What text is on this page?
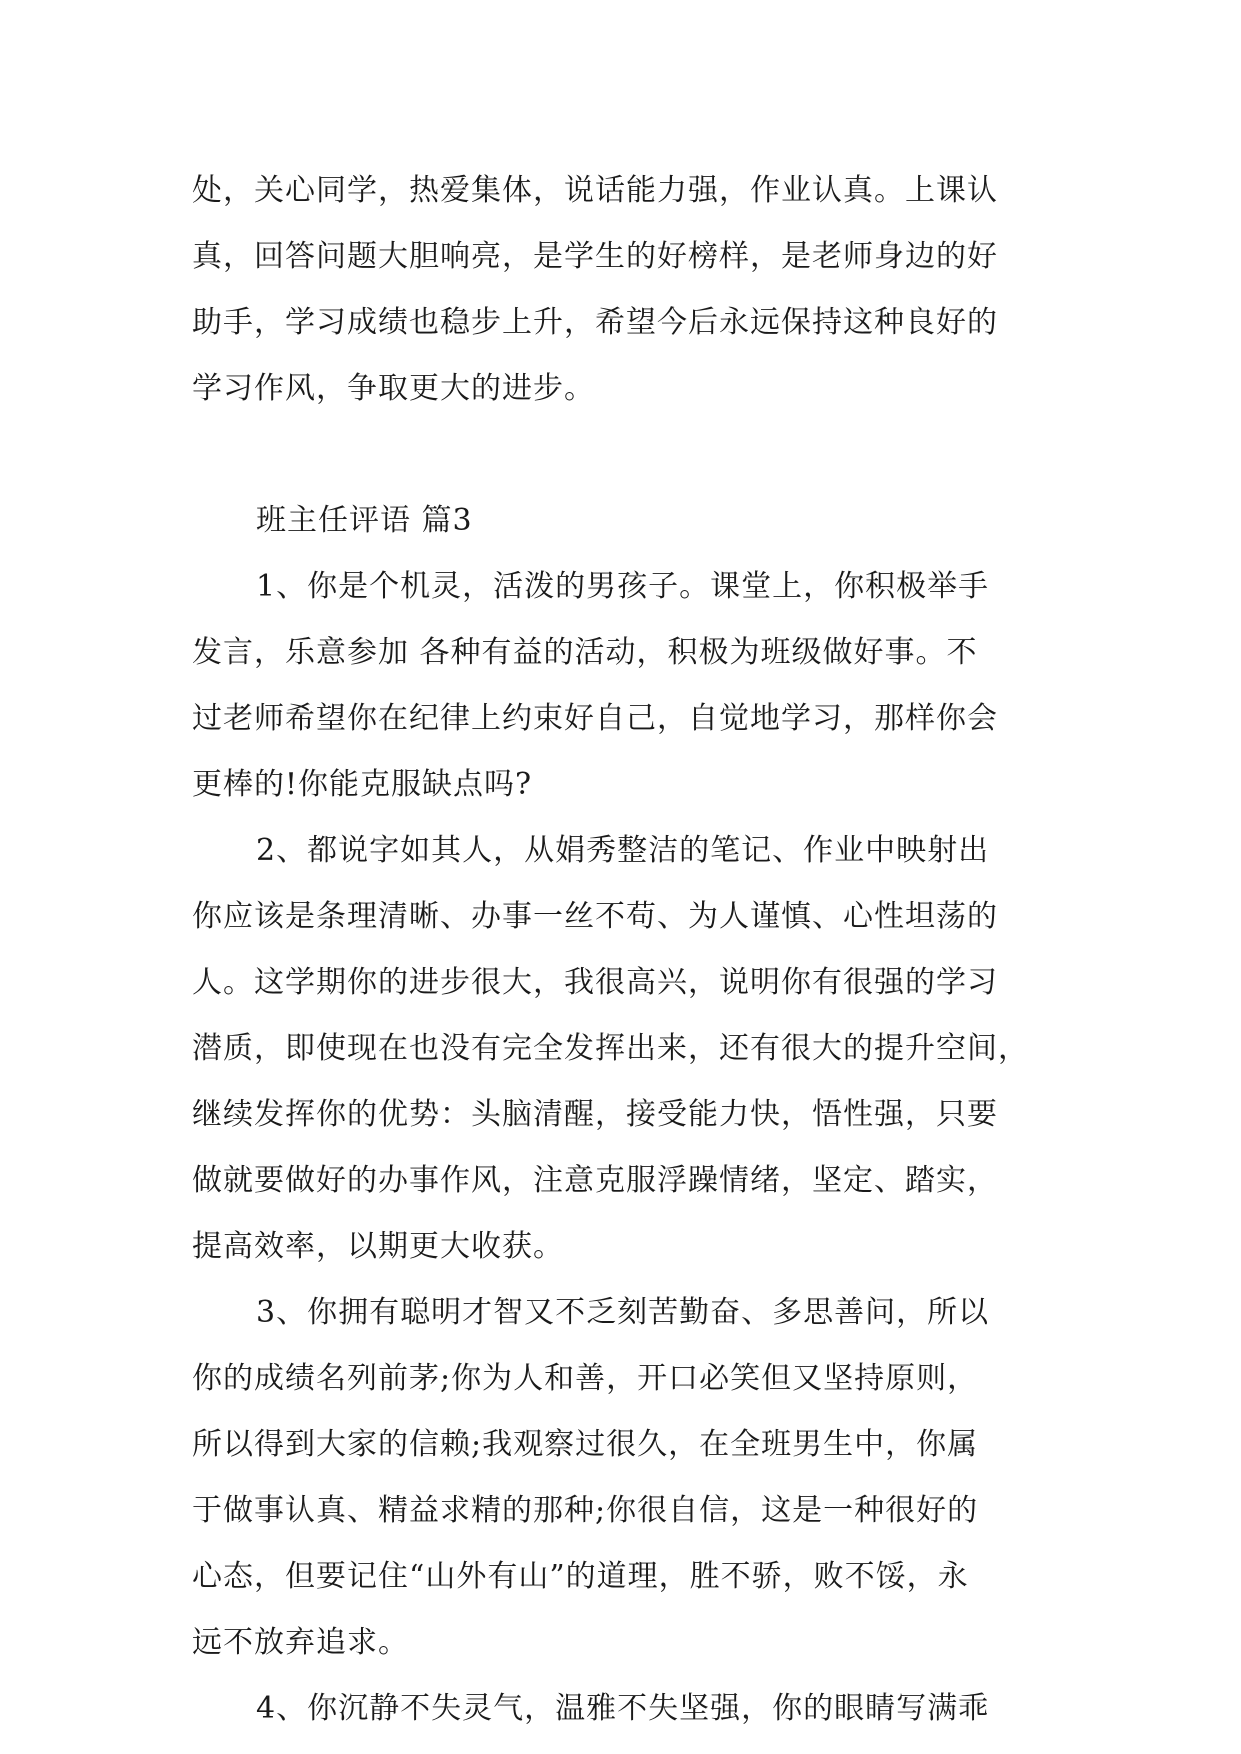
处，关心同学，热爱集体，说话能力强，作业认真。上课认
真，回答问题大胆响亮，是学生的好榜样，是老师身边的好
助手，学习成绩也稳步上升，希望今后永远保持这种良好的
学习作风，争取更大的进步。
班主任评语 篇3
1、你是个机灵，活泼的男孩子。课堂上，你积极举手
发言，乐意参加 各种有益的活动，积极为班级做好事。不
过老师希望你在纪律上约束好自己，自觉地学习，那样你会
更棒的!你能克服缺点吗?
2、都说字如其人，从娟秀整洁的笔记、作业中映射出
你应该是条理清晰、办事一丝不苟、为人谨慎、心性坦荡的
人。这学期你的进步很大，我很高兴，说明你有很强的学习
潜质，即使现在也没有完全发挥出来，还有很大的提升空间，
继续发挥你的优势：头脑清醒，接受能力快，悟性强，只要
做就要做好的办事作风，注意克服浮躁情绪，坚定、踏实，
提高效率，以期更大收获。
3、你拥有聪明才智又不乏刻苦勤奋、多思善问，所以
你的成绩名列前茅;你为人和善，开口必笑但又坚持原则，
所以得到大家的信赖;我观察过很久，在全班男生中，你属
于做事认真、精益求精的那种;你很自信，这是一种很好的
心态，但要记住“山外有山”的道理，胜不骄，败不馁，永
远不放弃追求。
4、你沉静不失灵气，温雅不失坚强，你的眼睛写满乖
